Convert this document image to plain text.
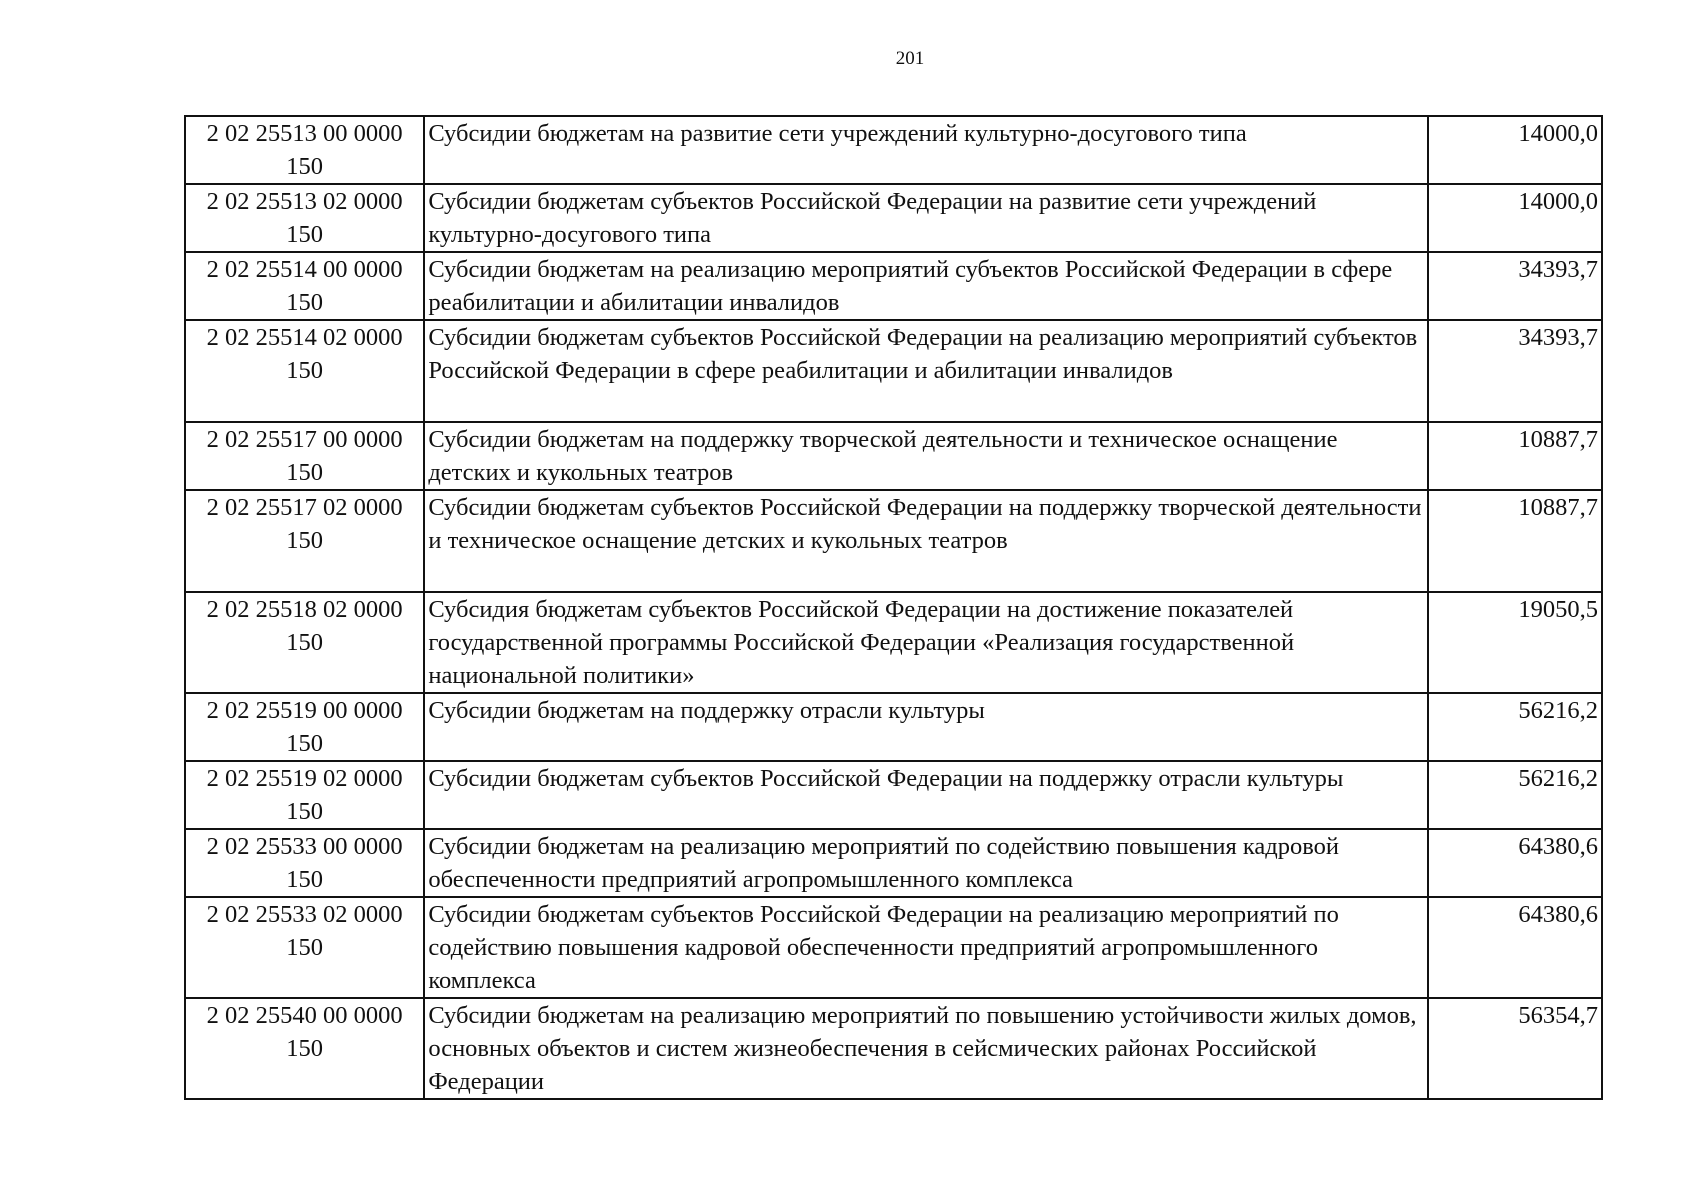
201
2 02 25513 00 0000 150	Субсидии бюджетам на развитие сети учреждений культурно-досугового типа	14000,0
2 02 25513 02 0000 150	Субсидии бюджетам субъектов Российской Федерации на развитие сети учреждений культурно-досугового типа	14000,0
2 02 25514 00 0000 150	Субсидии бюджетам на реализацию мероприятий субъектов Российской Федерации в сфере реабилитации и абилитации инвалидов	34393,7
2 02 25514 02 0000 150	Субсидии бюджетам субъектов Российской Федерации на реализацию мероприятий субъектов Российской Федерации в сфере реабилитации и абилитации инвалидов	34393,7
2 02 25517 00 0000 150	Субсидии бюджетам на поддержку творческой деятельности и техническое оснащение детских и кукольных театров	10887,7
2 02 25517 02 0000 150	Субсидии бюджетам субъектов Российской Федерации на поддержку творческой деятельности и техническое оснащение детских и кукольных театров	10887,7
2 02 25518 02 0000 150	Субсидия бюджетам субъектов Российской Федерации на достижение показателей государственной программы Российской Федерации «Реализация государственной национальной политики»	19050,5
2 02 25519 00 0000 150	Субсидии бюджетам на поддержку отрасли культуры	56216,2
2 02 25519 02 0000 150	Субсидии бюджетам субъектов Российской Федерации на поддержку отрасли культуры	56216,2
2 02 25533 00 0000 150	Субсидии бюджетам на реализацию мероприятий по содействию повышения кадровой обеспеченности предприятий агропромышленного комплекса	64380,6
2 02 25533 02 0000 150	Субсидии бюджетам субъектов Российской Федерации на реализацию мероприятий по содействию повышения кадровой обеспеченности предприятий агропромышленного комплекса	64380,6
2 02 25540 00 0000 150	Субсидии бюджетам на реализацию мероприятий по повышению устойчивости жилых домов, основных объектов и систем жизнеобеспечения в сейсмических районах Российской Федерации	56354,7
